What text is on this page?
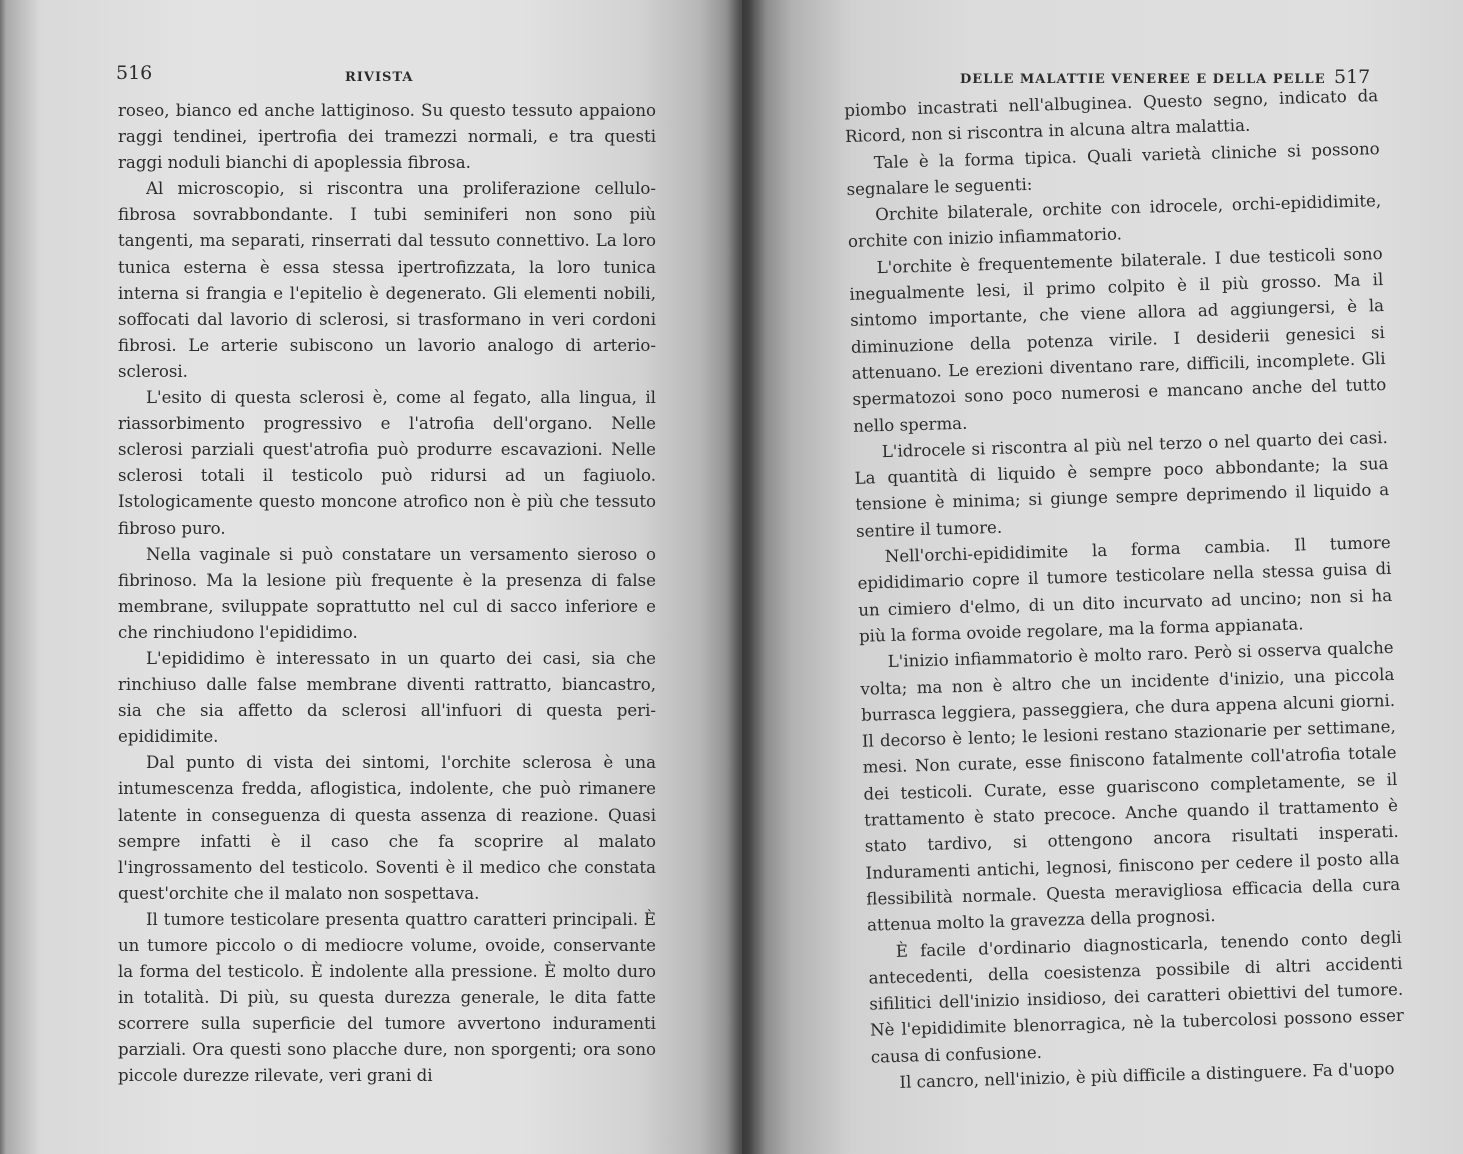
516	RIVISTA

roseo, bianco ed anche lattiginoso. Su questo tessuto appaiono raggi tendinei, ipertrofia dei tramezzi normali, e tra questi raggi noduli bianchi di apoplessia fibrosa.

Al microscopio, si riscontra una proliferazione cellulo-fibrosa sovrabbondante. I tubi seminiferi non sono più tangenti, ma separati, rinserrati dal tessuto connettivo. La loro tunica esterna è essa stessa ipertrofizzata, la loro tunica interna si frangia e l'epitelio è degenerato. Gli elementi nobili, soffocati dal lavorio di sclerosi, si trasformano in veri cordoni fibrosi. Le arterie subiscono un lavorio analogo di arterio-sclerosi.

L'esito di questa sclerosi è, come al fegato, alla lingua, il riassorbimento progressivo e l'atrofia dell'organo. Nelle sclerosi parziali quest'atrofia può produrre escavazioni. Nelle sclerosi totali il testicolo può ridursi ad un fagiuolo. Istologicamente questo moncone atrofico non è più che tessuto fibroso puro.

Nella vaginale si può constatare un versamento sieroso o fibrinoso. Ma la lesione più frequente è la presenza di false membrane, sviluppate soprattutto nel cul di sacco inferiore e che rinchiudono l'epididimo.

L'epididimo è interessato in un quarto dei casi, sia che rinchiuso dalle false membrane diventi rattratto, biancastro, sia che sia affetto da sclerosi all'infuori di questa peri-epididimite.

Dal punto di vista dei sintomi, l'orchite sclerosa è una intumescenza fredda, aflogistica, indolente, che può rimanere latente in conseguenza di questa assenza di reazione. Quasi sempre infatti è il caso che fa scoprire al malato l'ingrossamento del testicolo. Soventi è il medico che constata quest'orchite che il malato non sospettava.

Il tumore testicolare presenta quattro caratteri principali. È un tumore piccolo o di mediocre volume, ovoide, conservante la forma del testicolo. È indolente alla pressione. È molto duro in totalità. Di più, su questa durezza generale, le dita fatte scorrere sulla superficie del tumore avvertono induramenti parziali. Ora questi sono placche dure, non sporgenti; ora sono piccole durezze rilevate, veri grani di

DELLE MALATTIE VENEREE E DELLA PELLE 517

piombo incastrati nell'albuginea. Questo segno, indicato da Ricord, non si riscontra in alcuna altra malattia.

Tale è la forma tipica. Quali varietà cliniche si possono segnalare le seguenti:

Orchite bilaterale, orchite con idrocele, orchi-epididimite, orchite con inizio infiammatorio.

L'orchite è frequentemente bilaterale. I due testicoli sono inegualmente lesi, il primo colpito è il più grosso. Ma il sintomo importante, che viene allora ad aggiungersi, è la diminuzione della potenza virile. I desiderii genesici si attenuano. Le erezioni diventano rare, difficili, incomplete. Gli spermatozoi sono poco numerosi e mancano anche del tutto nello sperma.

L'idrocele si riscontra al più nel terzo o nel quarto dei casi. La quantità di liquido è sempre poco abbondante; la sua tensione è minima; si giunge sempre deprimendo il liquido a sentire il tumore.

Nell'orchi-epididimite la forma cambia. Il tumore epididimario copre il tumore testicolare nella stessa guisa di un cimiero d'elmo, di un dito incurvato ad uncino; non si ha più la forma ovoide regolare, ma la forma appianata.

L'inizio infiammatorio è molto raro. Però si osserva qualche volta; ma non è altro che un incidente d'inizio, una piccola burrasca leggiera, passeggiera, che dura appena alcuni giorni. Il decorso è lento; le lesioni restano stazionarie per settimane, mesi. Non curate, esse finiscono fatalmente coll'atrofia totale dei testicoli. Curate, esse guariscono completamente, se il trattamento è stato precoce. Anche quando il trattamento è stato tardivo, si ottengono ancora risultati insperati. Induramenti antichi, legnosi, finiscono per cedere il posto alla flessibilità normale. Questa meravigliosa efficacia della cura attenua molto la gravezza della prognosi.

È facile d'ordinario diagnosticarla, tenendo conto degli antecedenti, della coesistenza possibile di altri accidenti sifilitici dell'inizio insidioso, dei caratteri obiettivi del tumore. Nè l'epididimite blenorragica, nè la tubercolosi possono esser causa di confusione.

Il cancro, nell'inizio, è più difficile a distinguere. Fa d'uopo
